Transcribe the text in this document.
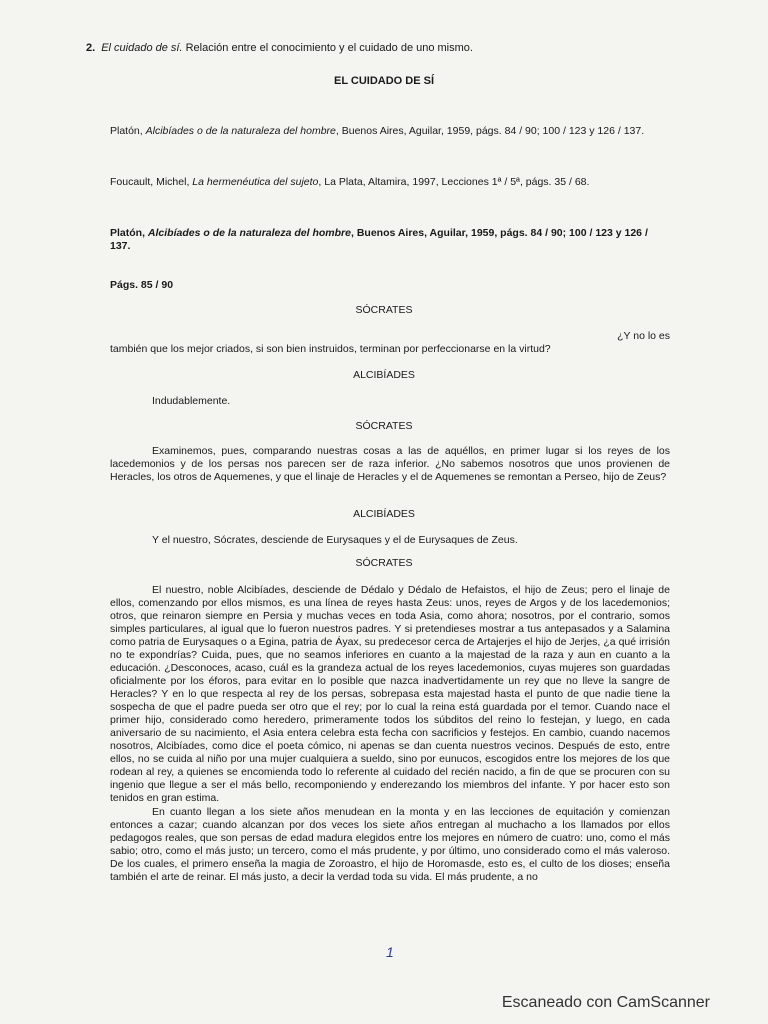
2. El cuidado de sí. Relación entre el conocimiento y el cuidado de uno mismo.
EL CUIDADO DE SÍ
Platón, Alcibíades o de la naturaleza del hombre, Buenos Aires, Aguilar, 1959, págs. 84 / 90; 100 / 123 y 126 / 137.
Foucault, Michel, La hermenéutica del sujeto, La Plata, Altamira, 1997, Lecciones 1ª / 5ª, págs. 35 / 68.
Platón, Alcibíades o de la naturaleza del hombre, Buenos Aires, Aguilar, 1959, págs. 84 / 90; 100 / 123 y 126 / 137.
Págs. 85 / 90
SÓCRATES
¿Y no lo es
también que los mejor criados, si son bien instruidos, terminan por perfeccionarse en la virtud?
ALCIBÍADES
Indudablemente.
SÓCRATES

Examinemos, pues, comparando nuestras cosas a las de aquéllos, en primer lugar si los reyes de los lacedemonios y de los persas nos parecen ser de raza inferior. ¿No sabemos nosotros que unos provienen de Heracles, los otros de Aquemenes, y que el linaje de Heracles y el de Aquemenes se remontan a Perseo, hijo de Zeus?

ALCIBÍADES
Y el nuestro, Sócrates, desciende de Eurysaques y el de Eurysaques de Zeus.
SÓCRATES

El nuestro, noble Alcibíades, desciende de Dédalo y Dédalo de Hefaistos, el hijo de Zeus; pero el linaje de ellos, comenzando por ellos mismos, es una línea de reyes hasta Zeus: unos, reyes de Argos y de los lacedemonios; otros, que reinaron siempre en Persia y muchas veces en toda Asia, como ahora; nosotros, por el contrario, somos simples particulares, al igual que lo fueron nuestros padres. Y si pretendieses mostrar a tus antepasados y a Salamina como patria de Eurysaques o a Egina, patria de Áyax, su predecesor cerca de Artajerjes el hijo de Jerjes, ¿a qué irrisión no te expondrías? Cuida, pues, que no seamos inferiores en cuanto a la majestad de la raza y aun en cuanto a la educación. ¿Desconoces, acaso, cuál es la grandeza actual de los reyes lacedemonios, cuyas mujeres son guardadas oficialmente por los éforos, para evitar en lo posible que nazca inadvertidamente un rey que no lleve la sangre de Heracles? Y en lo que respecta al rey de los persas, sobrepasa esta majestad hasta el punto de que nadie tiene la sospecha de que el padre pueda ser otro que el rey; por lo cual la reina está guardada por el temor. Cuando nace el primer hijo, considerado como heredero, primeramente todos los súbditos del reino lo festejan, y luego, en cada aniversario de su nacimiento, el Asia entera celebra esta fecha con sacrificios y festejos. En cambio, cuando nacemos nosotros, Alcibíades, como dice el poeta cómico, ni apenas se dan cuenta nuestros vecinos. Después de esto, entre ellos, no se cuida al niño por una mujer cualquiera a sueldo, sino por eunucos, escogidos entre los mejores de los que rodean al rey, a quienes se encomienda todo lo referente al cuidado del recién nacido, a fin de que se procuren con su ingenio que llegue a ser el más bello, recomponiendo y enderezando los miembros del infante. Y por hacer esto son tenidos en gran estima.

En cuanto llegan a los siete años menudean en la monta y en las lecciones de equitación y comienzan entonces a cazar; cuando alcanzan por dos veces los siete años entregan al muchacho a los llamados por ellos pedagogos reales, que son persas de edad madura elegidos entre los mejores en número de cuatro: uno, como el más sabio; otro, como el más justo; un tercero, como el más prudente, y por último, uno considerado como el más valeroso. De los cuales, el primero enseña la magia de Zoroastro, el hijo de Horomasde, esto es, el culto de los dioses; enseña también el arte de reinar. El más justo, a decir la verdad toda su vida. El más prudente, a no

1
Escaneado con CamScanner
